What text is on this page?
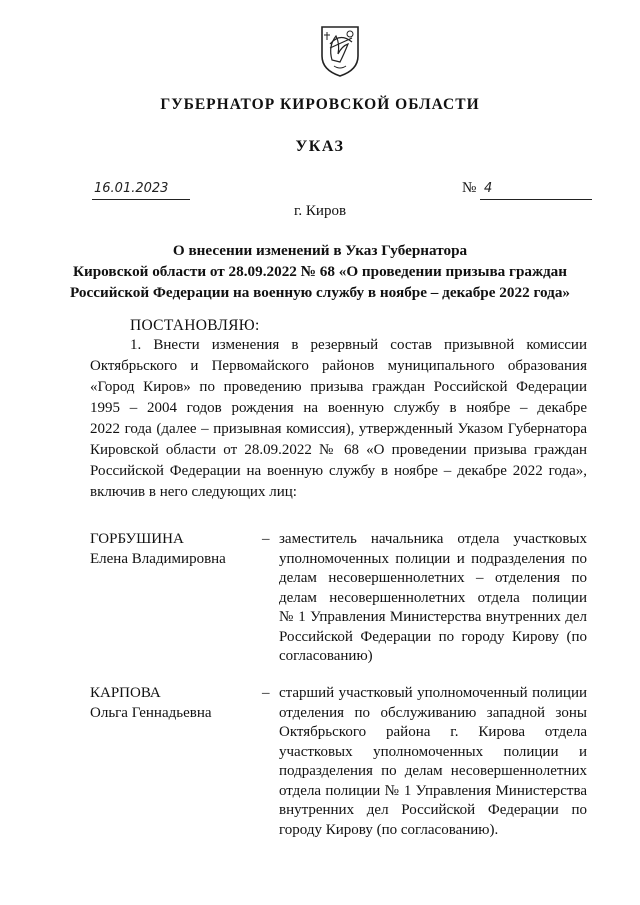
ГУБЕРНАТОР КИРОВСКОЙ ОБЛАСТИ
УКАЗ
16.01.2023	№ 4
г. Киров
О внесении изменений в Указ Губернатора
Кировской области от 28.09.2022 № 68 «О проведении призыва граждан
Российской Федерации на военную службу в ноябре – декабре 2022 года»
ПОСТАНОВЛЯЮ:
1. Внести изменения в резервный состав призывной комиссии
Октябрьского и Первомайского районов муниципального образования
«Город Киров» по проведению призыва граждан Российской Федерации
1995 – 2004 годов рождения на военную службу в ноябре – декабре
2022 года (далее – призывная комиссия), утвержденный Указом Губернатора
Кировской области от 28.09.2022 № 68 «О проведении призыва граждан
Российской Федерации на военную службу в ноябре – декабре 2022 года»,
включив в него следующих лиц:
ГОРБУШИНА
Елена Владимировна
– заместитель начальника отдела участковых
уполномоченных полиции и подразделения по
делам несовершеннолетних – отделения по
делам несовершеннолетних отдела полиции
№ 1 Управления Министерства внутренних дел
Российской Федерации по городу Кирову (по
согласованию)
КАРПОВА
Ольга Геннадьевна
– старший участковый уполномоченный полиции
отделения по обслуживанию западной зоны
Октябрьского района г. Кирова отдела
участковых уполномоченных полиции и
подразделения по делам несовершеннолетних
отдела полиции № 1 Управления Министерства
внутренних дел Российской Федерации по
городу Кирову (по согласованию).
